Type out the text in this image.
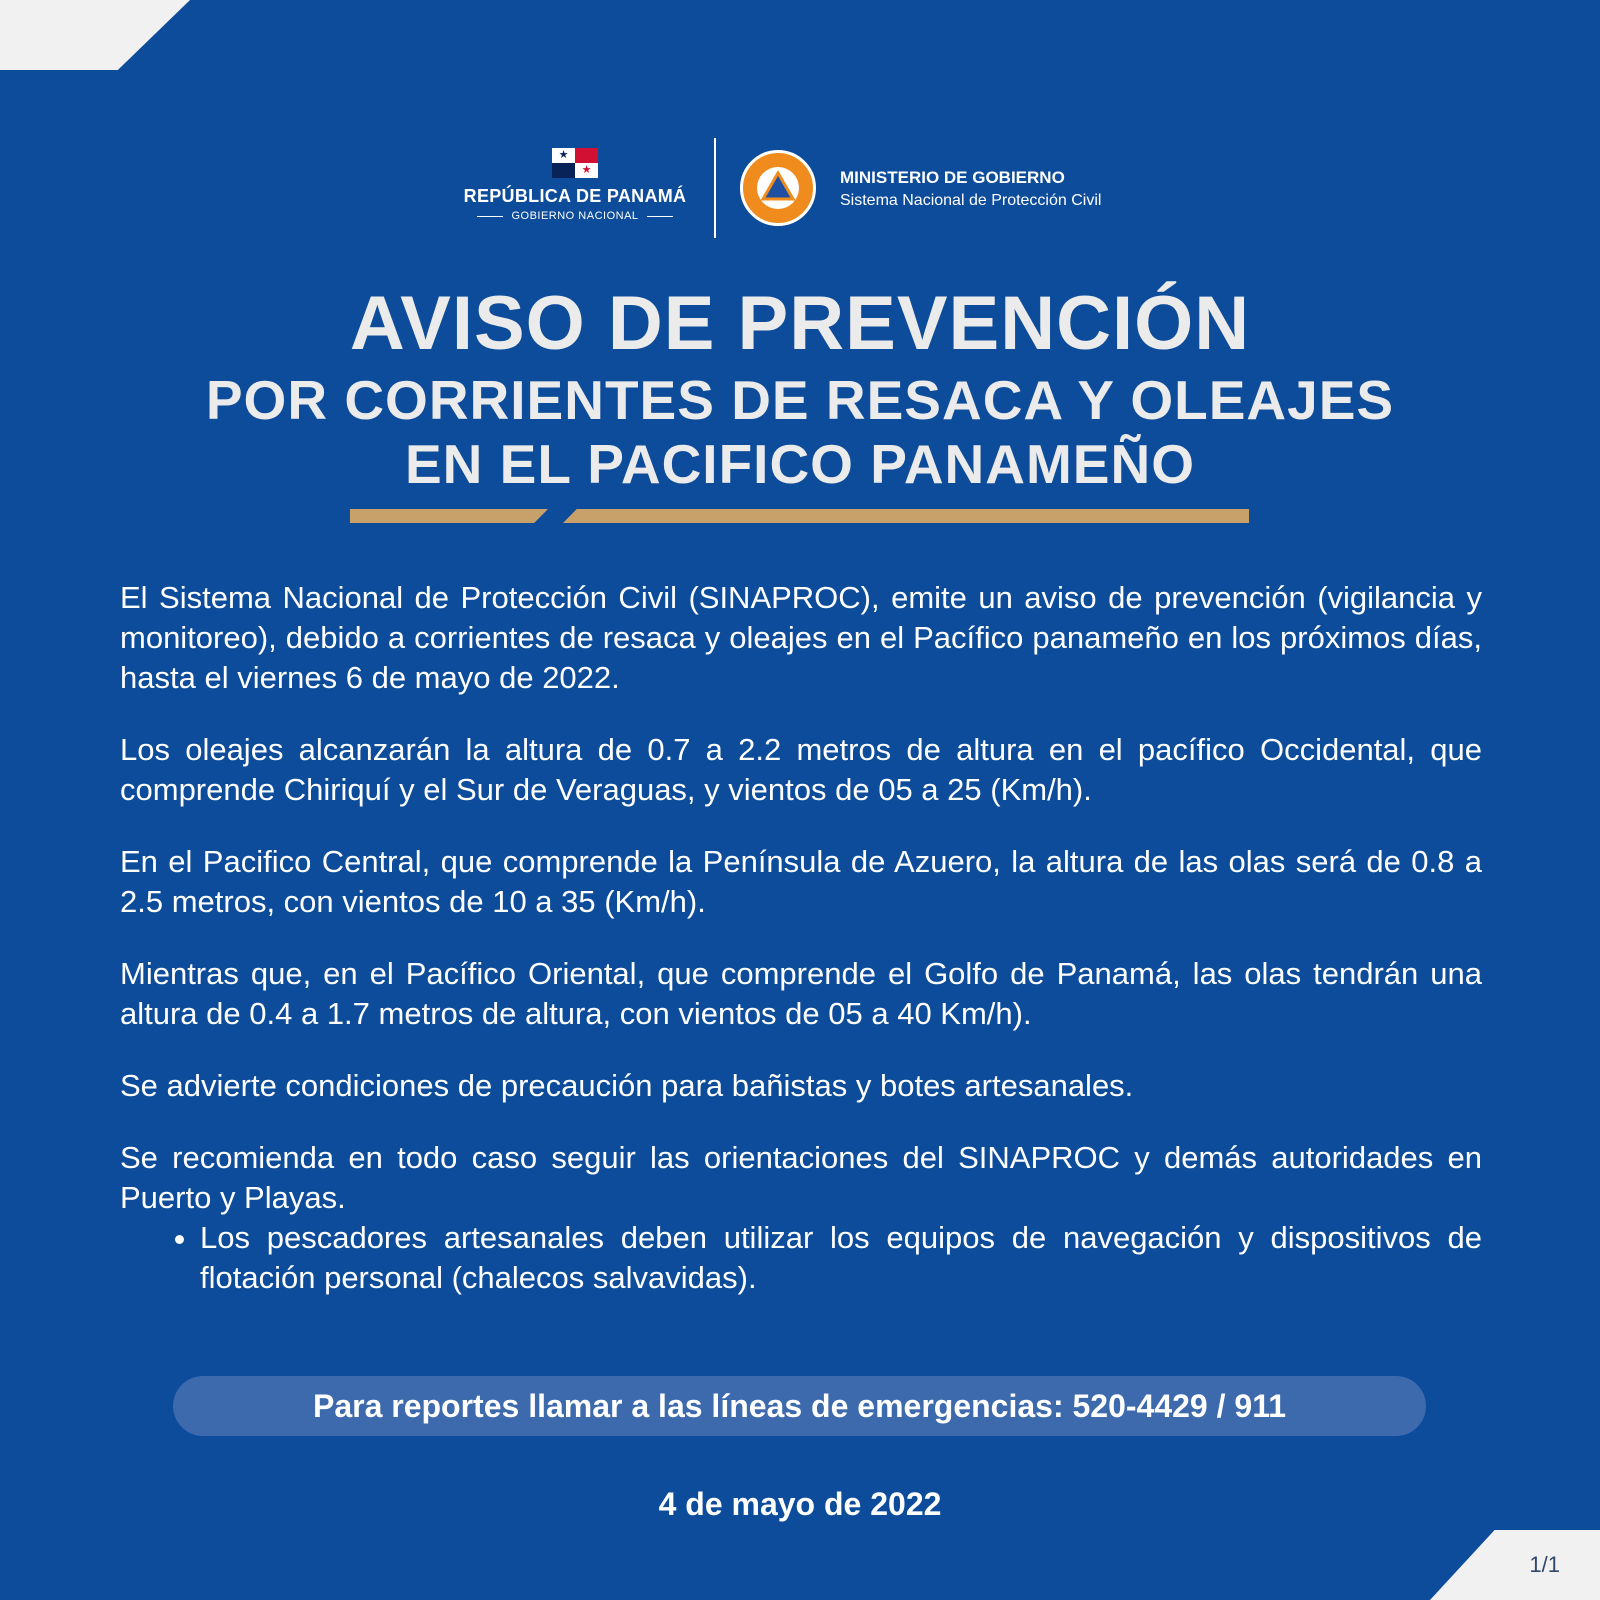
1/1
★
★
REPÚBLICA DE PANAMÁ
GOBIERNO NACIONAL
MINISTERIO DE GOBIERNO
Sistema Nacional de Protección Civil
AVISO DE PREVENCIÓN
POR CORRIENTES DE RESACA Y OLEAJES
EN EL PACIFICO PANAMEÑO

El Sistema Nacional de Protección Civil (SINAPROC), emite un aviso de prevención (vigilancia y monitoreo), debido a corrientes de resaca y oleajes en el Pacífico panameño en los próximos días, hasta el viernes 6 de mayo de 2022.

Los oleajes alcanzarán la altura de 0.7 a 2.2 metros de altura en el pacífico Occidental, que comprende Chiriquí y el Sur de Veraguas, y vientos de 05 a 25 (Km/h).

En el Pacifico Central, que comprende la Península de Azuero, la altura de las olas será de 0.8 a 2.5 metros, con vientos de 10 a 35 (Km/h).

Mientras que, en el Pacífico Oriental, que comprende el Golfo de Panamá, las olas tendrán una altura de 0.4 a 1.7 metros de altura, con vientos de 05 a 40 Km/h).

Se advierte condiciones de precaución para bañistas y botes artesanales.

Se recomienda en todo caso seguir las orientaciones del SINAPROC y demás autoridades en Puerto y Playas.

• Los pescadores artesanales deben utilizar los equipos de navegación y dispositivos de flotación personal (chalecos salvavidas).
Para reportes llamar a las líneas de emergencias: 520-4429 / 911
4 de mayo de 2022
